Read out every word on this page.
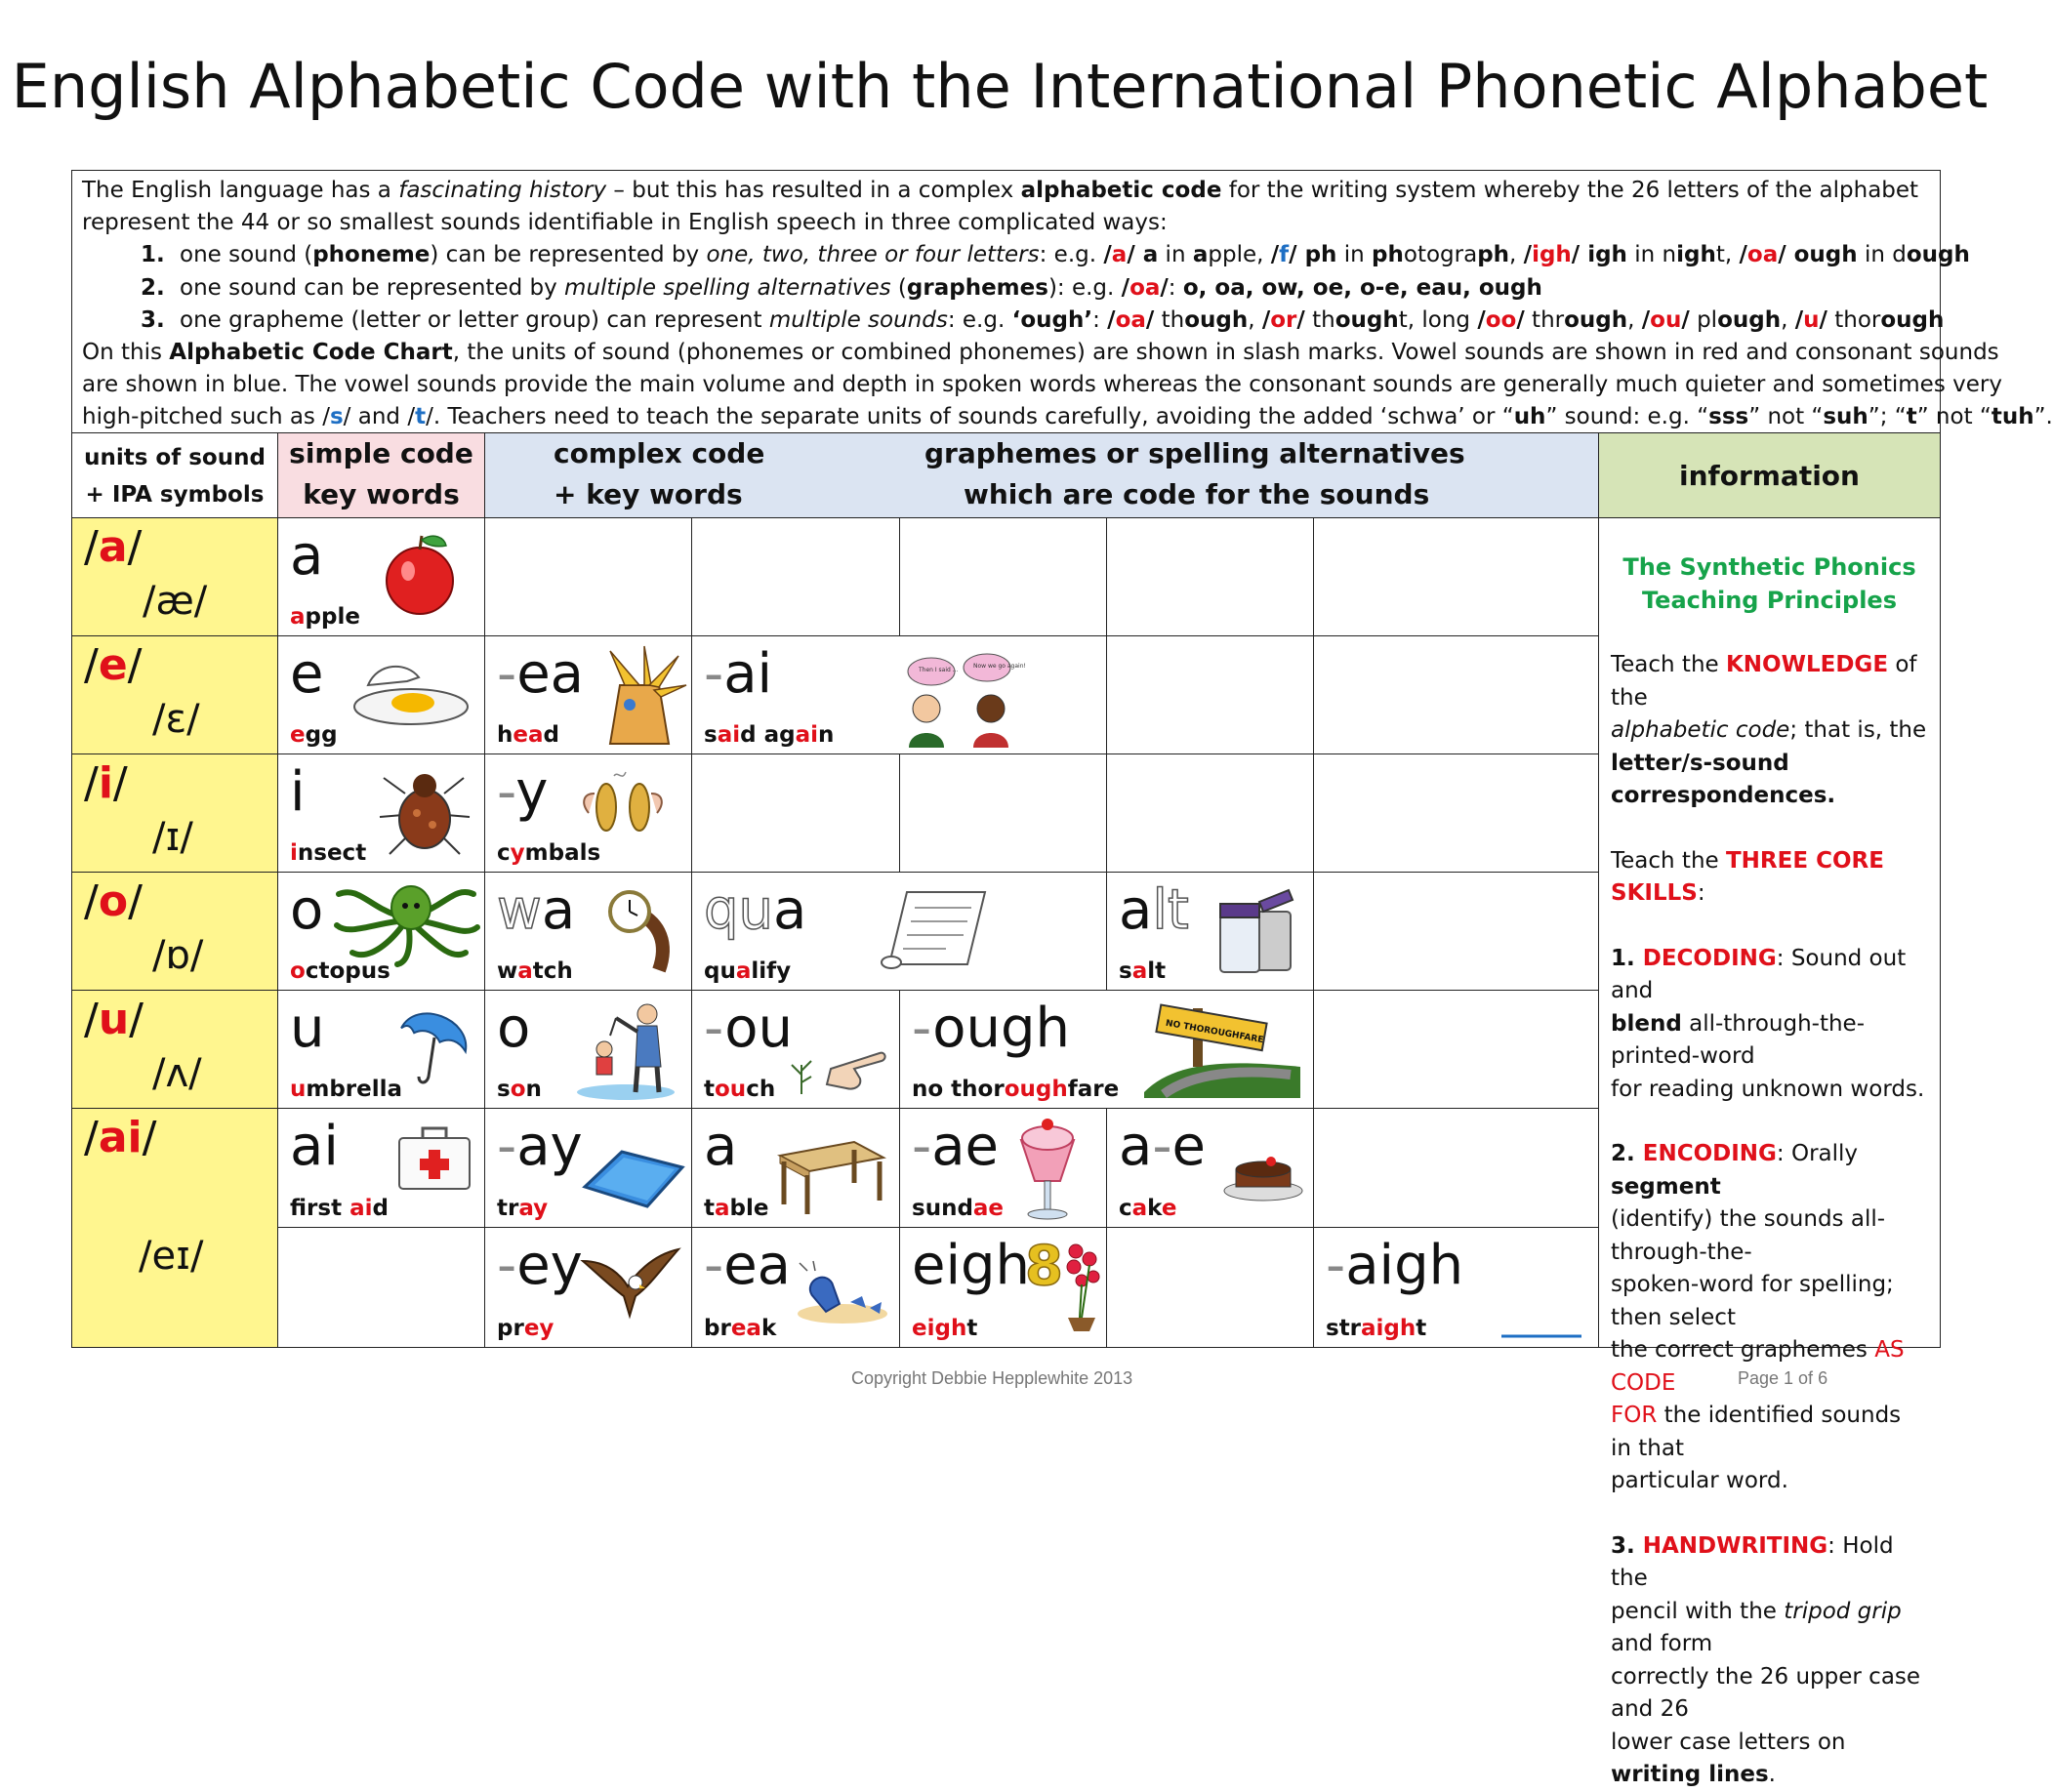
English Alphabetic Code with the International Phonetic Alphabet

The English language has a fascinating history – but this has resulted in a complex alphabetic code for the writing system whereby the 26 letters of the alphabet

represent the 44 or so smallest sounds identifiable in English speech in three complicated ways:

1. one sound (phoneme) can be represented by one, two, three or four letters: e.g. /a/ a in apple, /f/ ph in photograph, /igh/ igh in night, /oa/ ough in dough

2. one sound can be represented by multiple spelling alternatives (graphemes): e.g. /oa/: o, oa, ow, oe, o-e, eau, ough

3. one grapheme (letter or letter group) can represent multiple sounds: e.g. ‘ough’: /oa/ though, /or/ thought, long /oo/ through, /ou/ plough, /u/ thorough

On this Alphabetic Code Chart, the units of sound (phonemes or combined phonemes) are shown in slash marks. Vowel sounds are shown in red and consonant sounds

are shown in blue. The vowel sounds provide the main volume and depth in spoken words whereas the consonant sounds are generally much quieter and sometimes very

high-pitched such as /s/ and /t/. Teachers need to teach the separate units of sounds carefully, avoiding the added ‘schwa’ or “uh” sound: e.g. “sss” not “suh”; “t” not “tuh”.

units of sound
+ IPA symbols
simple code
key words
complex code
+ key words
graphemes or spelling alternatives
which are code for the sounds
information

The Synthetic Phonics

Teaching Principles

Teach the KNOWLEDGE of the

alphabetic code; that is, the

letter/s-sound correspondences.

Teach the THREE CORE SKILLS:

1. DECODING: Sound out and

blend all-through-the-printed-word

for reading unknown words.

2. ENCODING: Orally segment

(identify) the sounds all-through-the-

spoken-word for spelling; then select

the correct graphemes AS CODE

FOR the identified sounds in that

particular word.

3. HANDWRITING: Hold the

pencil with the tripod grip and form

correctly the 26 upper case and 26

lower case letters on writing lines.

/a/
/æ/
/e/
/ɛ/
/i/
/ɪ/
/o/
/ɒ/
/u/
/ʌ/
/ai/
/eɪ/
a
apple
e
egg
-ea
head
-ai
said again
Then I said ...
Now we go again!
i
insect
-y
cymbals
o
octopus
wa
watch
qua
qualify
alt
salt
u
umbrella
o
son
-ou
touch
-ough
no thoroughfare
NO THOROUGHFARE
ai
first aid
-ay
tray
a
table
-ae
sundae
a-e
cake
-ey
prey
-ea
break
eigh
eight
8	-aigh
straight
Copyright Debbie Hepplewhite 2013	Page 1 of 6
